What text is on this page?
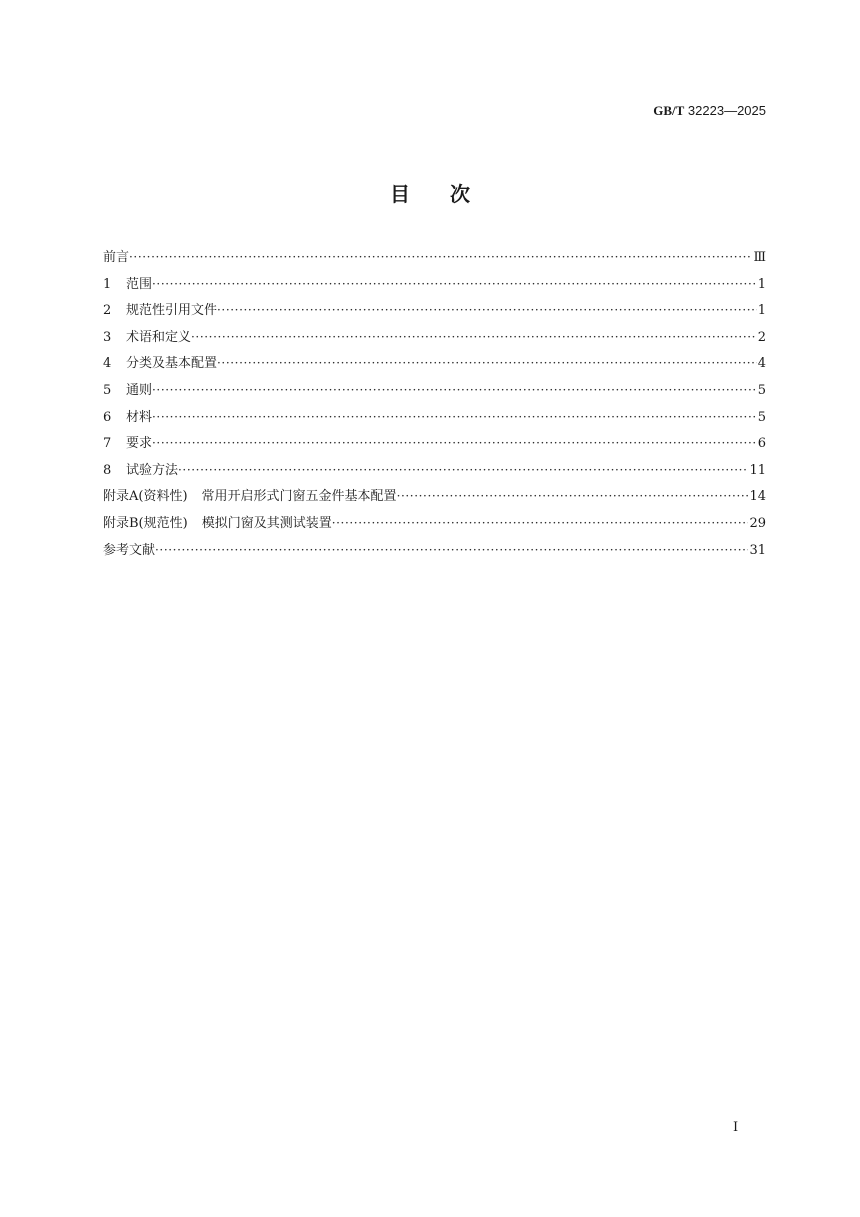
GB/T 32223—2025
目次
前言 ·····	Ⅲ
1	范围 ·····	1
2	规范性引用文件 ·····	1
3	术语和定义 ·····	2
4	分类及基本配置 ·····	4
5	通则 ·····	5
6	材料 ·····	5
7	要求 ·····	6
8	试验方法 ·····	11
附录A(资料性) 常用开启形式门窗五金件基本配置 ·····	14
附录B(规范性) 模拟门窗及其测试装置 ·····	29
参考文献 ·····	31
Ⅰ
